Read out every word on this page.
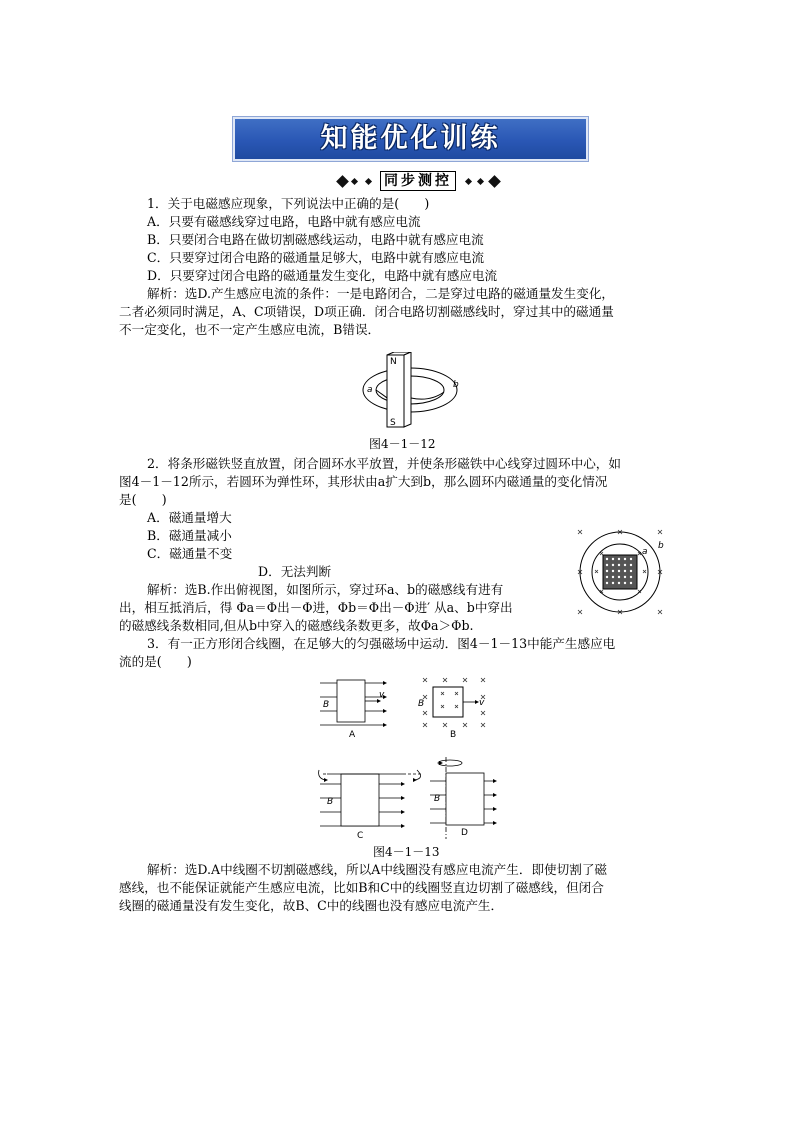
知能优化训练
同步测控
1．关于电磁感应现象，下列说法中正确的是(　　)
A．只要有磁感线穿过电路，电路中就有感应电流
B．只要闭合电路在做切割磁感线运动，电路中就有感应电流
C．只要穿过闭合电路的磁通量足够大，电路中就有感应电流
D．只要穿过闭合电路的磁通量发生变化，电路中就有感应电流
解析：选D.产生感应电流的条件：一是电路闭合，二是穿过电路的磁通量发生变化，
二者必须同时满足，A、C项错误，D项正确．闭合电路切割磁感线时，穿过其中的磁通量
不一定变化，也不一定产生感应电流，B错误．
N
S
a	b
图4－1－12
2．将条形磁铁竖直放置，闭合圆环水平放置，并使条形磁铁中心线穿过圆环中心，如
图4－1－12所示，若圆环为弹性环，其形状由a扩大到b，那么圆环内磁通量的变化情况
是(　　)
A．磁通量增大
B．磁通量减小
C．磁通量不变
D．无法判断
解析：选B.作出俯视图，如图所示，穿过环a、b的磁感线有进有
出，相互抵消后，得 Φa＝Φ出－Φ进，Φb＝Φ出－Φ进′ 从a、b中穿出
的磁感线条数相同,但从b中穿入的磁感线条数更多，故Φa＞Φb.
a
b
3．有一正方形闭合线圈，在足够大的匀强磁场中运动．图4－1－13中能产生感应电
流的是(　　)
B
v
A
B	v
B
B
C
B
D
图4－1－13
解析：选D.A中线圈不切割磁感线，所以A中线圈没有感应电流产生．即使切割了磁
感线，也不能保证就能产生感应电流，比如B和C中的线圈竖直边切割了磁感线，但闭合
线圈的磁通量没有发生变化，故B、C中的线圈也没有感应电流产生．
